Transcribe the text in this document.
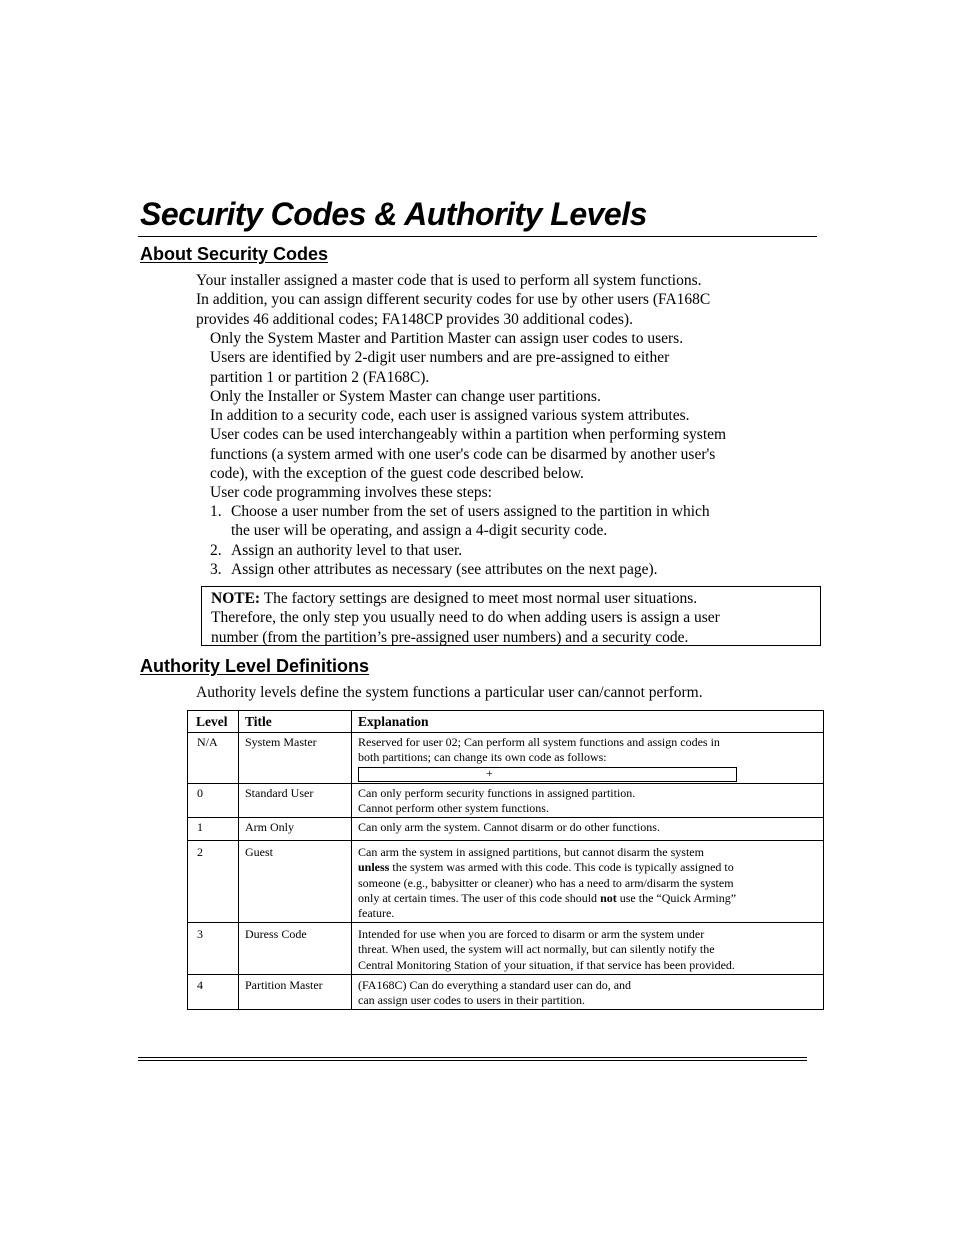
Security Codes & Authority Levels
About Security Codes
Your installer assigned a master code that is used to perform all system functions.
In addition, you can assign different security codes for use by other users (FA168C
provides 46 additional codes; FA148CP provides 30 additional codes).
Only the System Master and Partition Master can assign user codes to users.
Users are identified by 2-digit user numbers and are pre-assigned to either
partition 1 or partition 2 (FA168C).
Only the Installer or System Master can change user partitions.
In addition to a security code, each user is assigned various system attributes.
User codes can be used interchangeably within a partition when performing system
functions (a system armed with one user's code can be disarmed by another user's
code), with the exception of the guest code described below.
User code programming involves these steps:
1. Choose a user number from the set of users assigned to the partition in which
the user will be operating, and assign a 4-digit security code.
2. Assign an authority level to that user.
3. Assign other attributes as necessary (see attributes on the next page).
NOTE: The factory settings are designed to meet most normal user situations.
Therefore, the only step you usually need to do when adding users is assign a user
number (from the partition’s pre-assigned user numbers) and a security code.
Authority Level Definitions
Authority levels define the system functions a particular user can/cannot perform.
Level	Title	Explanation
N/A	System Master	Reserved for user 02; Can perform all system functions and assign codes in
both partitions; can change its own code as follows:
+

0	Standard User	Can only perform security functions in assigned partition.
Cannot perform other system functions.

1	Arm Only	Can only arm the system. Cannot disarm or do other functions.

2	Guest	Can arm the system in assigned partitions, but cannot disarm the system
unless the system was armed with this code. This code is typically assigned to
someone (e.g., babysitter or cleaner) who has a need to arm/disarm the system
only at certain times. The user of this code should not use the “Quick Arming”
feature.

3	Duress Code	Intended for use when you are forced to disarm or arm the system under
threat. When used, the system will act normally, but can silently notify the
Central Monitoring Station of your situation, if that service has been provided.

4	Partition Master	(FA168C) Can do everything a standard user can do, and
can assign user codes to users in their partition.
